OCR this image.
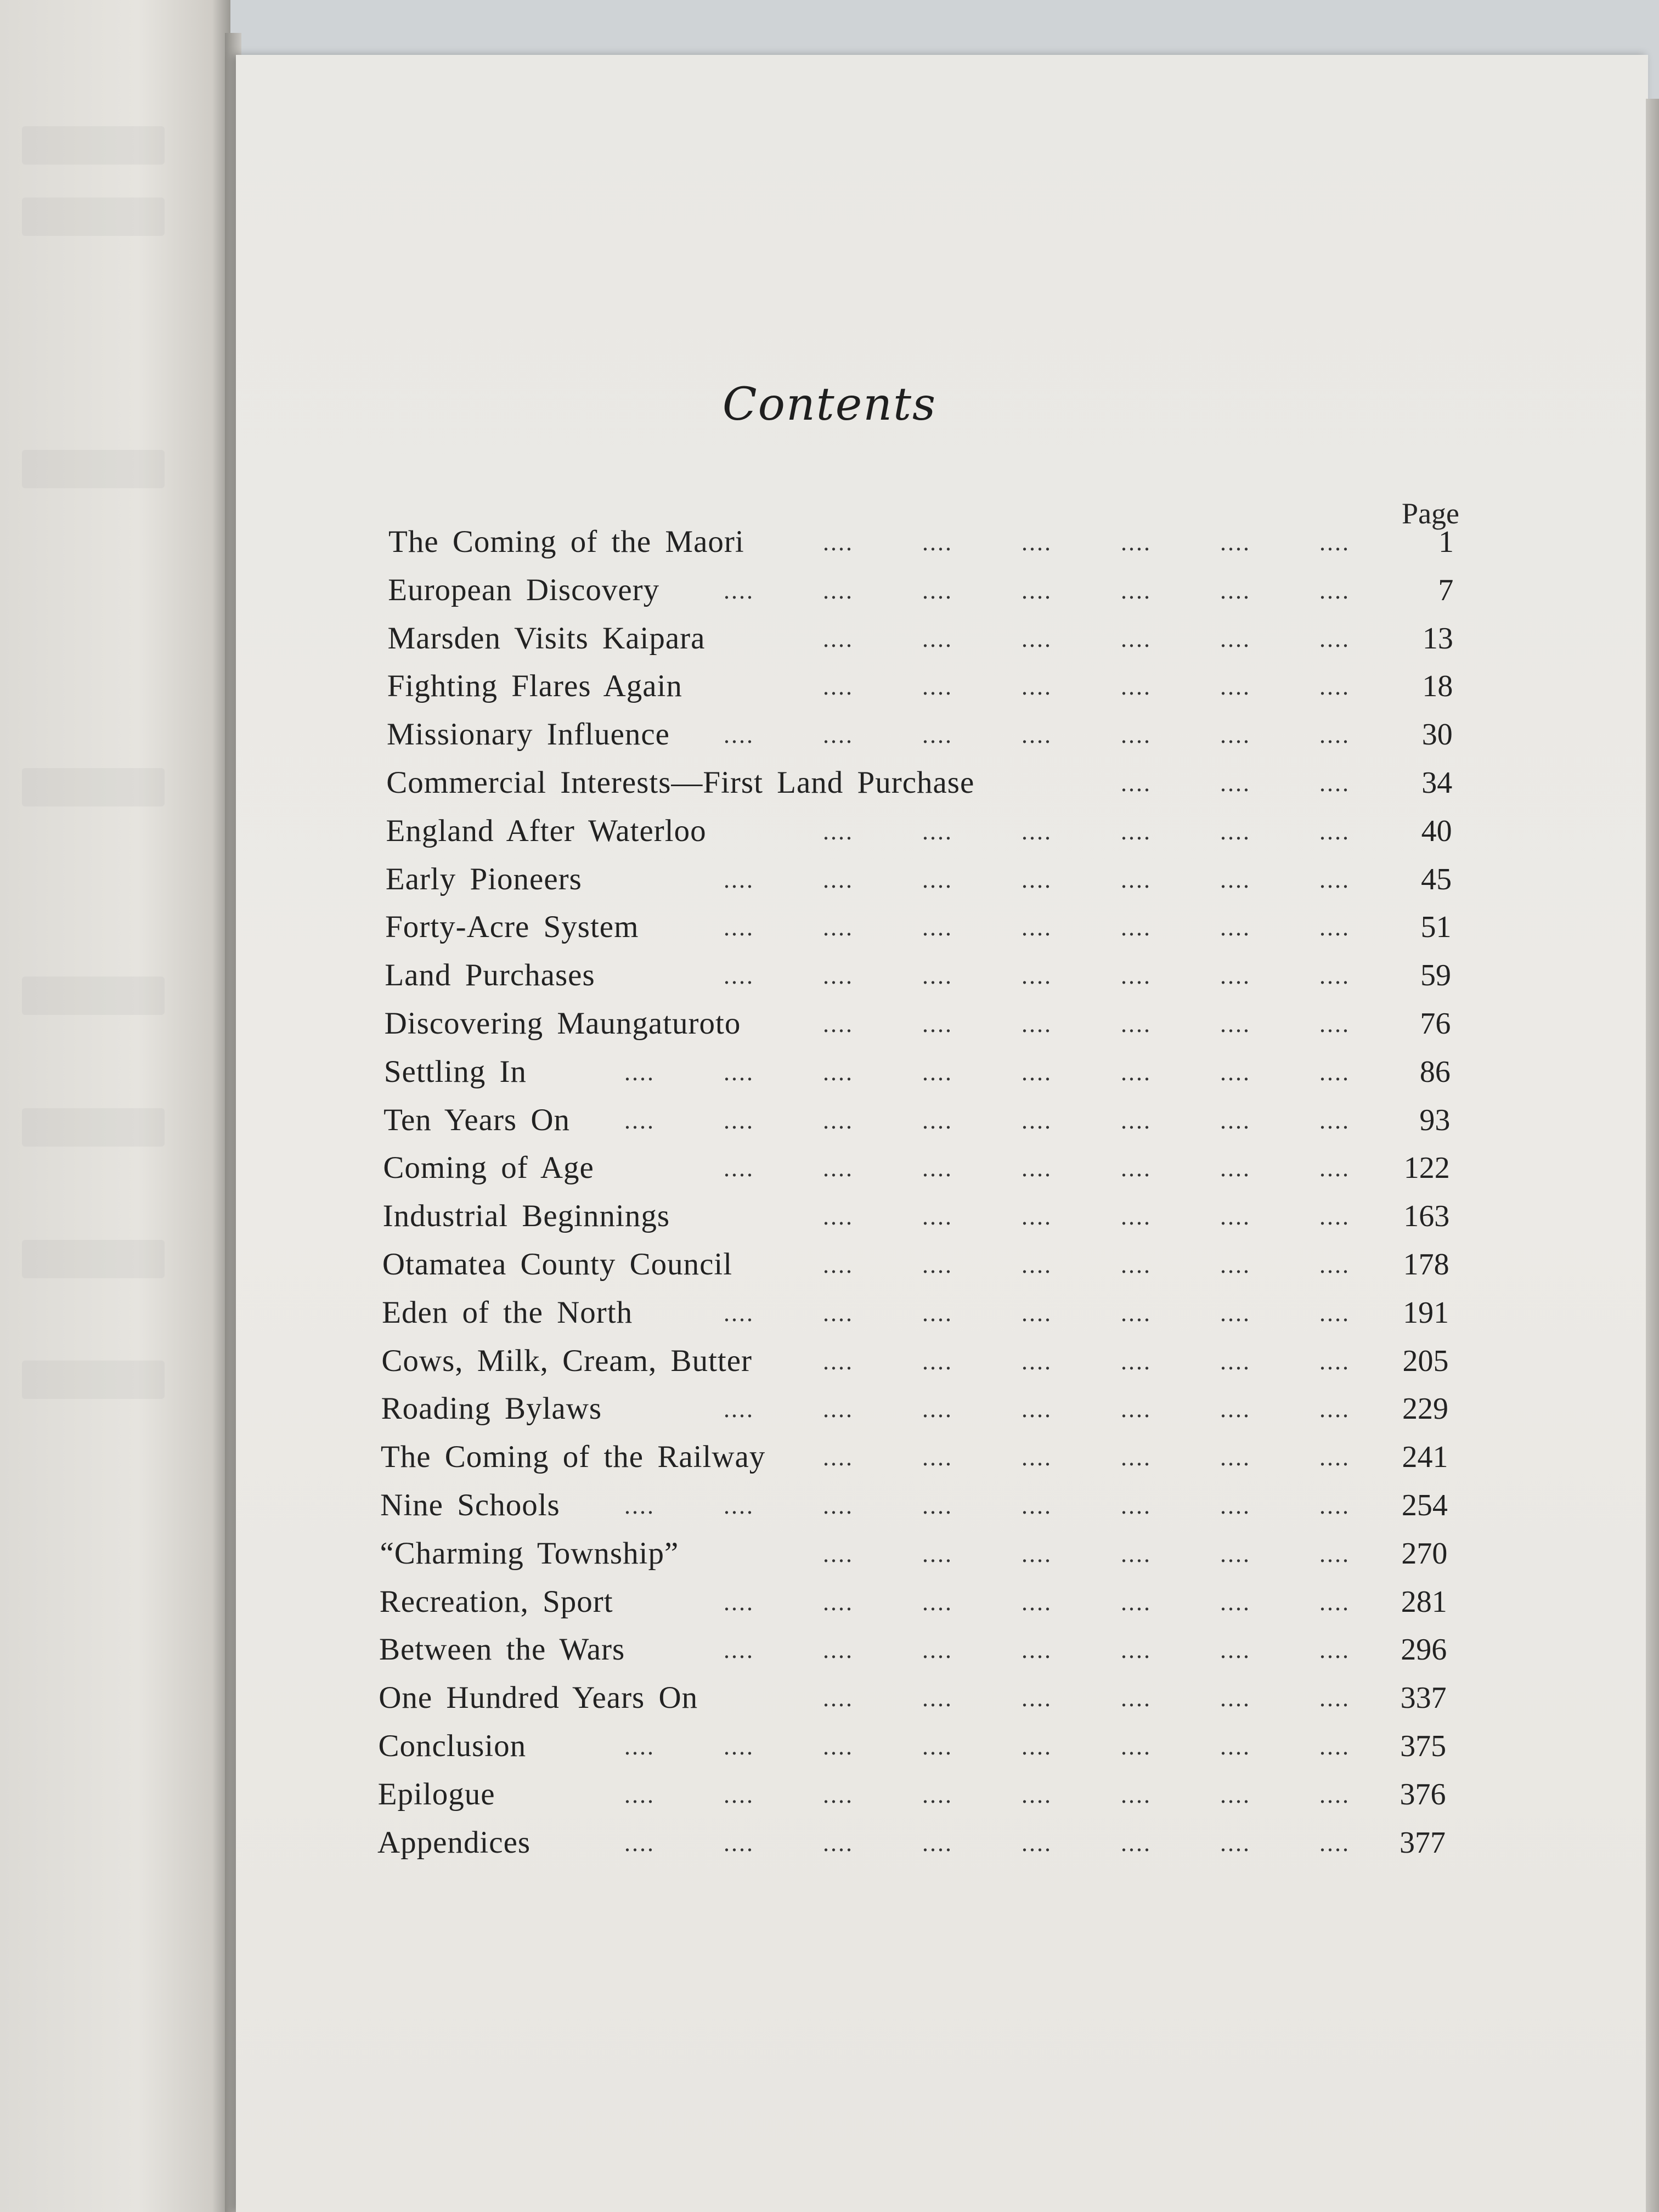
Contents
Page
The Coming of the Maori	....	....	....	....	....	....	1
European Discovery	....	....	....	....	....	....	....	7
Marsden Visits Kaipara	....	....	....	....	....	.... 13
Fighting Flares Again	....	....	....	....	....	.... 18
Missionary Influence ....	....	....	....	....	....	.... 30
Commercial Interests—First Land Purchase	....	....	.... 34
England After Waterloo	....	....	....	....	....	.... 40
Early Pioneers	....	....	....	....	....	....	.... 45
Forty-Acre System	....	....	....	....	....	....	.... 51
Land Purchases	....	....	....	....	....	....	.... 59
Discovering Maungaturoto	....	....	....	....	....	.... 76
Settling In	....	....	....	....	....	....	....	.... 86
Ten Years On ....	....	....	....	....	....	....	.... 93
Coming of Age	....	....	....	....	....	....	.... 122
Industrial Beginnings	....	....	....	....	....	.... 163
Otamatea County Council	....	....	....	....	....	.... 178
Eden of the North	....	....	....	....	....	....	.... 191
Cows, Milk, Cream, Butter	....	....	....	....	....	.... 205
Roading Bylaws	....	....	....	....	....	....	.... 229
The Coming of the Railway ....	....	....	....	....	.... 241
Nine Schools	....	....	....	....	....	....	....	.... 254
“Charming Township”	....	....	....	....	....	.... 270
Recreation, Sport	....	....	....	....	....	....	.... 281
Between the Wars	....	....	....	....	....	....	.... 296
One Hundred Years On	....	....	....	....	....	.... 337
Conclusion	....	....	....	....	....	....	....	.... 375
Epilogue	....	....	....	....	....	....	....	.... 376
Appendices	....	....	....	....	....	....	....	.... 377
